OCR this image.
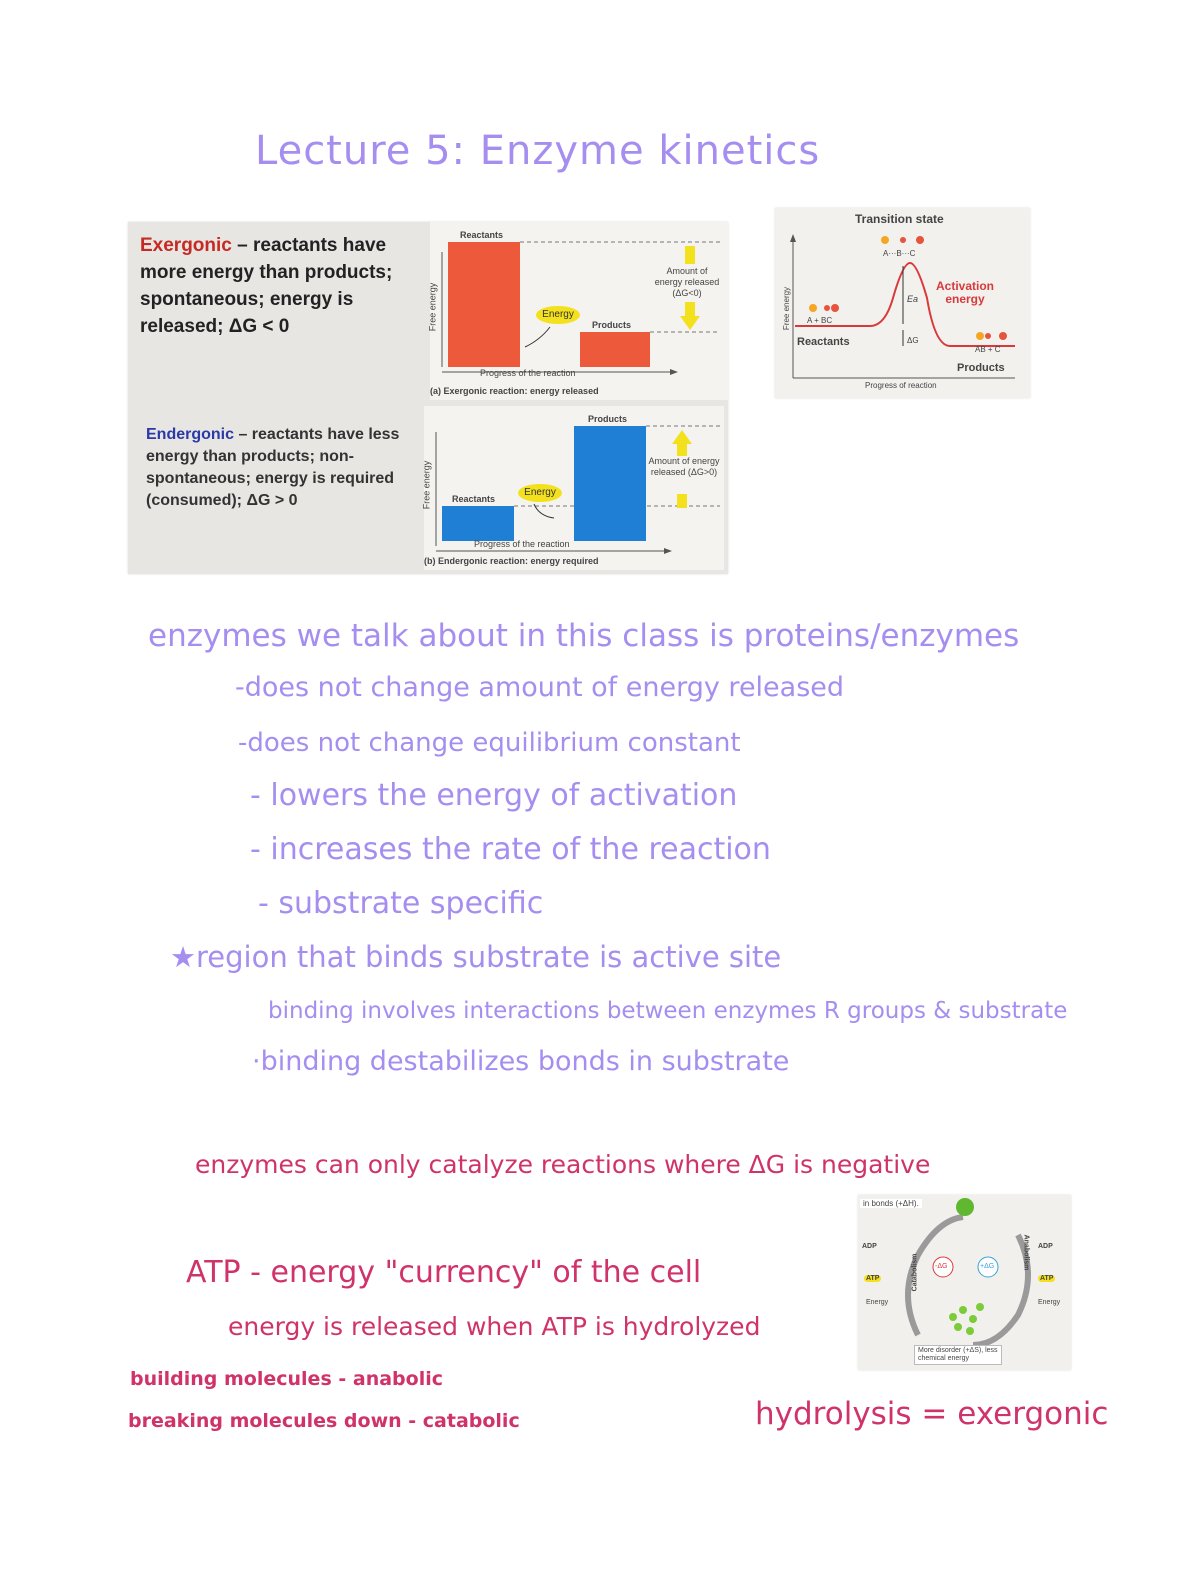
Lecture 5: Enzyme kinetics
Exergonic – reactants have more energy than products; spontaneous; energy is released; ΔG < 0
Endergonic – reactants have less energy than products; non-spontaneous; energy is required (consumed); ΔG > 0
Reactants
Products
Energy
Amount of energy released (ΔG<0)
Free energy
Progress of the reaction
(a) Exergonic reaction: energy released
Products
Reactants
Energy
Amount of energy released (ΔG>0)
Free energy
Progress of the reaction
(b) Endergonic reaction: energy required
Transition state
A···B···C
Activation energy
Ea
A + BC
Reactants	ΔG
AB + C
Products
Progress of reaction
Free energy
enzymes we talk about in this class is proteins/enzymes
-does not change amount of energy released
-does not change equilibrium constant
- lowers the energy of activation
- increases the rate of the reaction
- substrate specific
★region that binds substrate is active site
binding involves interactions between enzymes R groups & substrate
·binding destabilizes bonds in substrate
enzymes can only catalyze reactions where ΔG is negative
ATP - energy "currency" of the cell
energy is released when ATP is hydrolyzed
building molecules - anabolic
breaking molecules down - catabolic	hydrolysis = exergonic
in bonds (+ΔH).
ADP
ATP
Energy
Catabolism
Anabolism
-ΔG	+ΔG
ADP
ATP
Energy
More disorder (+ΔS), less chemical energy
